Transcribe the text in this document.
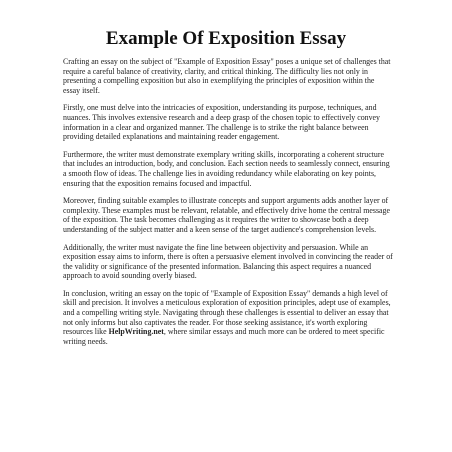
Example Of Exposition Essay

Crafting an essay on the subject of "Example of Exposition Essay" poses a unique set of challenges that require a careful balance of creativity, clarity, and critical thinking. The difficulty lies not only in presenting a compelling exposition but also in exemplifying the principles of exposition within the essay itself.

Firstly, one must delve into the intricacies of exposition, understanding its purpose, techniques, and nuances. This involves extensive research and a deep grasp of the chosen topic to effectively convey information in a clear and organized manner. The challenge is to strike the right balance between providing detailed explanations and maintaining reader engagement.

Furthermore, the writer must demonstrate exemplary writing skills, incorporating a coherent structure that includes an introduction, body, and conclusion. Each section needs to seamlessly connect, ensuring a smooth flow of ideas. The challenge lies in avoiding redundancy while elaborating on key points, ensuring that the exposition remains focused and impactful.

Moreover, finding suitable examples to illustrate concepts and support arguments adds another layer of complexity. These examples must be relevant, relatable, and effectively drive home the central message of the exposition. The task becomes challenging as it requires the writer to showcase both a deep understanding of the subject matter and a keen sense of the target audience's comprehension levels.

Additionally, the writer must navigate the fine line between objectivity and persuasion. While an exposition essay aims to inform, there is often a persuasive element involved in convincing the reader of the validity or significance of the presented information. Balancing this aspect requires a nuanced approach to avoid sounding overly biased.

In conclusion, writing an essay on the topic of "Example of Exposition Essay" demands a high level of skill and precision. It involves a meticulous exploration of exposition principles, adept use of examples, and a compelling writing style. Navigating through these challenges is essential to deliver an essay that not only informs but also captivates the reader. For those seeking assistance, it's worth exploring resources like HelpWriting.net, where similar essays and much more can be ordered to meet specific writing needs.
